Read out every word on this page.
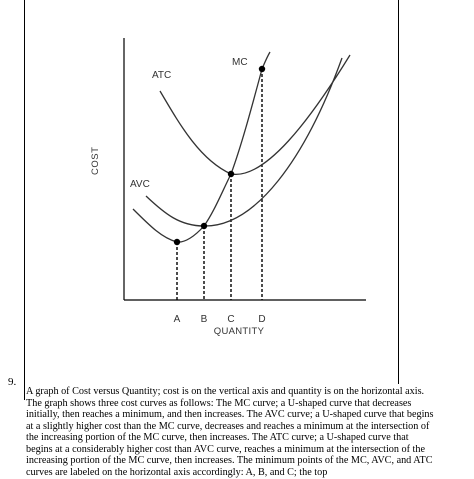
MC
ATC
AVC
COST
A B C D
QUANTITY
9.

A graph of Cost versus Quantity; cost is on the vertical axis and quantity is on the horizontal axis. The graph shows three cost curves as follows: The MC curve; a U-shaped curve that decreases initially, then reaches a minimum, and then increases. The AVC curve; a U-shaped curve that begins at a slightly higher cost than the MC curve, decreases and reaches a minimum at the intersection of the increasing portion of the MC curve, then increases. The ATC curve; a U-shaped curve that begins at a considerably higher cost than AVC curve, reaches a minimum at the intersection of the increasing portion of the MC curve, then increases. The minimum points of the MC, AVC, and ATC curves are labeled on the horizontal axis accordingly: A, B, and C; the top
